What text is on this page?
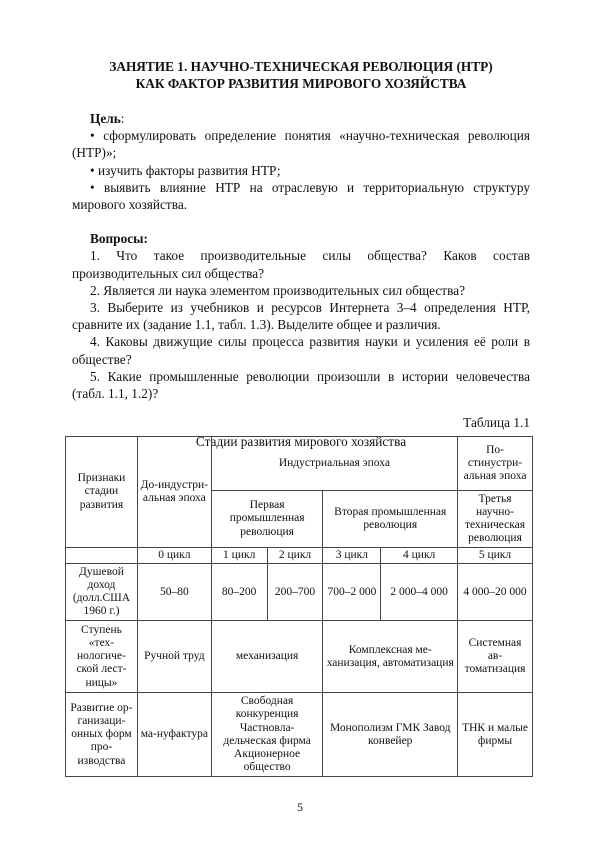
ЗАНЯТИЕ 1. НАУЧНО-ТЕХНИЧЕСКАЯ РЕВОЛЮЦИЯ (НТР)
КАК ФАКТОР РАЗВИТИЯ МИРОВОГО ХОЗЯЙСТВА

Цель:

• сформулировать определение понятия «научно-техническая революция (НТР)»;

• изучить факторы развития НТР;

• выявить влияние НТР на отраслевую и территориальную структуру мирового хозяйства.

Вопросы:

1. Что такое производительные силы общества? Каков состав производительных сил общества?

2. Является ли наука элементом производительных сил общества?

3. Выберите из учебников и ресурсов Интернета 3–4 определения НТР, сравните их (задание 1.1, табл. 1.3). Выделите общее и различия.

4. Каковы движущие силы процесса развития науки и усиления её роли в обществе?

5. Какие промышленные революции произошли в истории человечества (табл. 1.1, 1.2)?

Таблица 1.1

Стадии развития мирового хозяйства

Признаки стадии развития	До-индустри-альная эпоха	Индустриальная эпоха				По-стинустри-альная эпоха
		Первая промышленная революция		Вторая промышленная революция		Третья научно-техническая революция
	0 цикл	1 цикл	2 цикл	3 цикл	4 цикл	5 цикл
Душевой доход (долл.США 1960 г.)	50–80	80–200	200–700	700–2 000	2 000–4 000	4 000–20 000
Ступень «тех-нологиче-ской лест-ницы»	Ручной труд	механизация		Комплексная ме-ханизация, автоматизация		Системная ав-томатизация
Развитие ор-ганизаци-онных форм про-изводства	ма-нуфактура	Свободная конкуренция Частновла-дельческая фирма Акционерное общество		Монополизм ГМК Завод конвейер		ТНК и малые фирмы
5
